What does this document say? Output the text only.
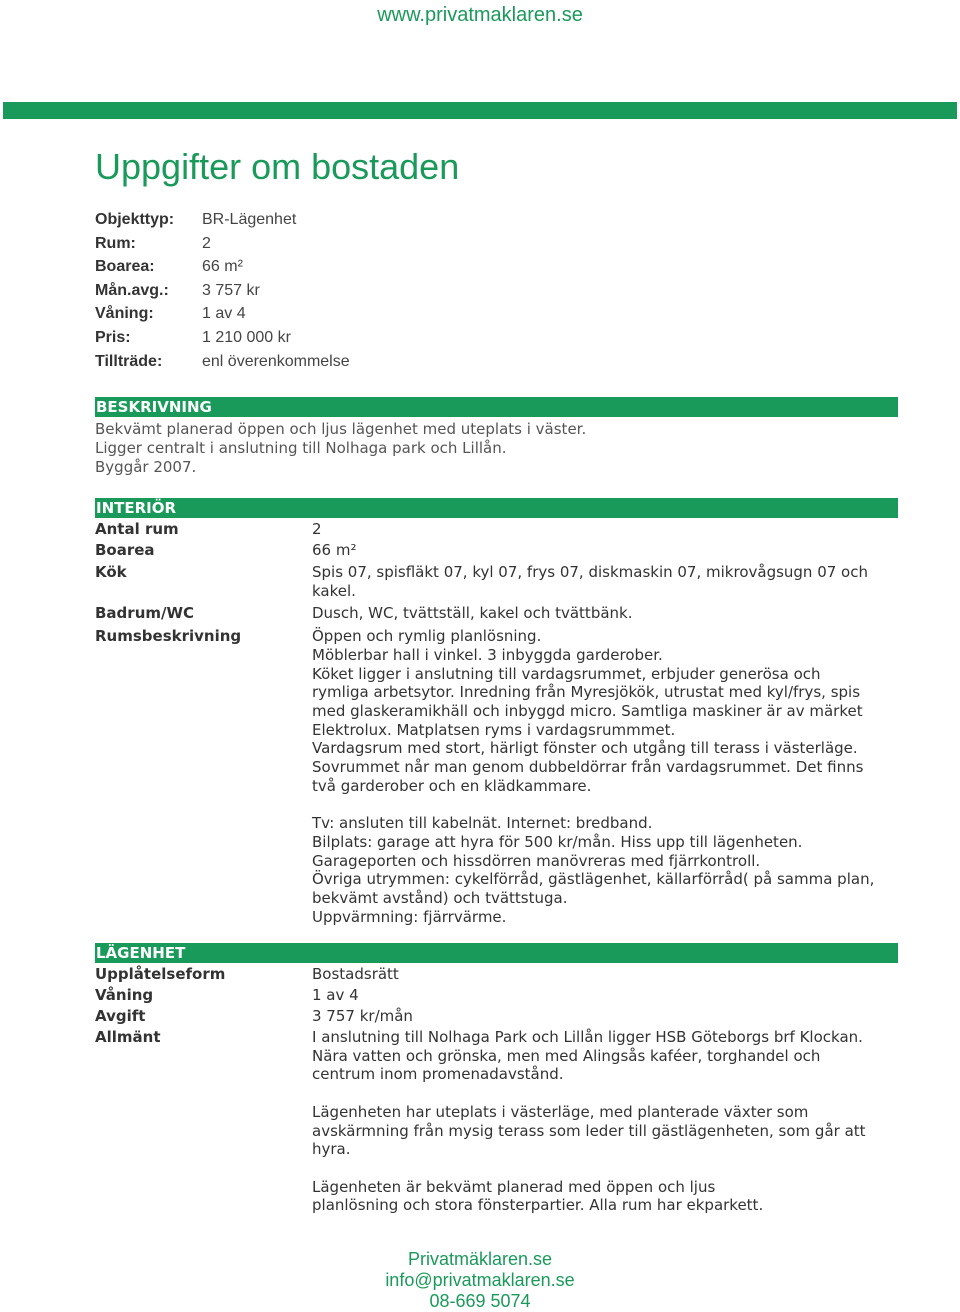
www.privatmaklaren.se
Uppgifter om bostaden
Objekttyp: BR-Lägenhet
Rum:	2
Boarea:	66 m²
Mån.avg.: 3 757 kr
Våning:	1 av 4
Pris:	1 210 000 kr
Tillträde: enl överenkommelse
BESKRIVNING
Bekvämt planerad öppen och ljus lägenhet med uteplats i väster.
Ligger centralt i anslutning till Nolhaga park och Lillån.
Byggår 2007.
INTERIÖR
Antal rum	2
Boarea	66 m²
Kök	Spis 07, spisfläkt 07, kyl 07, frys 07, diskmaskin 07, mikrovågsugn 07 och

kakel.

Badrum/WC	Dusch, WC, tvättställ, kakel och tvättbänk.
Rumsbeskrivning	Öppen och rymlig planlösning.

Möblerbar hall i vinkel. 3 inbyggda garderober.

Köket ligger i anslutning till vardagsrummet, erbjuder generösa och

rymliga arbetsytor. Inredning från Myresjökök, utrustat med kyl/frys, spis

med glaskeramikhäll och inbyggd micro. Samtliga maskiner är av märket

Elektrolux. Matplatsen ryms i vardagsrummmet.

Vardagsrum med stort, härligt fönster och utgång till terass i västerläge.

Sovrummet når man genom dubbeldörrar från vardagsrummet. Det finns

två garderober och en klädkammare.

Tv: ansluten till kabelnät. Internet: bredband.

Bilplats: garage att hyra för 500 kr/mån. Hiss upp till lägenheten.

Garageporten och hissdörren manövreras med fjärrkontroll.

Övriga utrymmen: cykelförråd, gästlägenhet, källarförråd( på samma plan,

bekvämt avstånd) och tvättstuga.

Uppvärmning: fjärrvärme.

LÄGENHET
Upplåtelseform	Bostadsrätt
Våning	1 av 4
Avgift	3 757 kr/mån
Allmänt	I anslutning till Nolhaga Park och Lillån ligger HSB Göteborgs brf Klockan.

Nära vatten och grönska, men med Alingsås kaféer, torghandel och

centrum inom promenadavstånd.

Lägenheten har uteplats i västerläge, med planterade växter som

avskärmning från mysig terass som leder till gästlägenheten, som går att

hyra.

Lägenheten är bekvämt planerad med öppen och ljus

planlösning och stora fönsterpartier. Alla rum har ekparkett.

Privatmäklaren.se
info@privatmaklaren.se
08-669 5074
